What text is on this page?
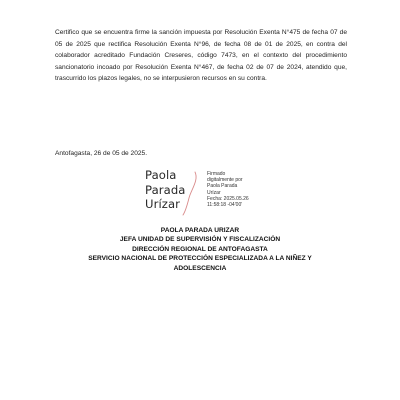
Certifico que se encuentra firme la sanción impuesta por Resolución Exenta N°475 de fecha 07 de 05 de 2025 que rectifica Resolución Exenta N°96, de fecha 08 de 01 de 2025, en contra del colaborador acreditado Fundación Creseres, código 7473, en el contexto del procedimiento sancionatorio incoado por Resolución Exenta N°467, de fecha 02 de 07 de 2024, atendido que, trascurrido los plazos legales, no se interpusieron recursos en su contra.

Antofagasta, 26 de 05 de 2025.

Paola
Parada
Urízar
Firmado
digitalmente por
Paola Parada
Urízar
Fecha: 2025.05.26
11:58:18 -04'00'
PAOLA PARADA URIZAR
JEFA UNIDAD DE SUPERVISIÓN Y FISCALIZACIÓN
DIRECCIÓN REGIONAL DE ANTOFAGASTA
SERVICIO NACIONAL DE PROTECCIÓN ESPECIALIZADA A LA NIÑEZ Y
ADOLESCENCIA
